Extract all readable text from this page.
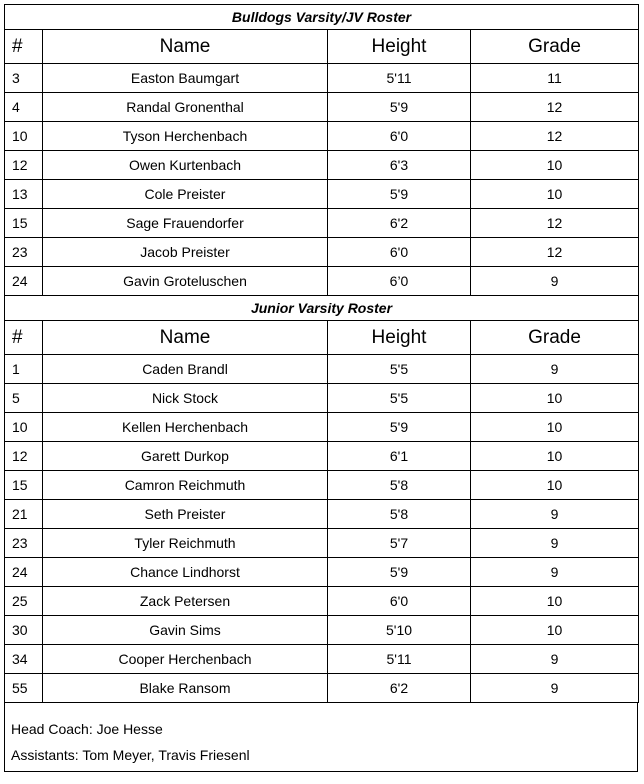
Bulldogs Varsity/JV Roster			
#	Name	Height	Grade
3	Easton Baumgart	5'11	11
4	Randal Gronenthal	5'9	12
10	Tyson Herchenbach	6'0	12
12	Owen Kurtenbach	6'3	10
13	Cole Preister	5'9	10
15	Sage Frauendorfer	6'2	12
23	Jacob Preister	6'0	12
24	Gavin Groteluschen	6’0	9
Junior Varsity Roster			
#	Name	Height	Grade
1	Caden Brandl	5'5	9
5	Nick Stock	5'5	10
10	Kellen Herchenbach	5'9	10
12	Garett Durkop	6'1	10
15	Camron Reichmuth	5'8	10
21	Seth Preister	5'8	9
23	Tyler Reichmuth	5'7	9
24	Chance Lindhorst	5'9	9
25	Zack Petersen	6'0	10
30	Gavin Sims	5'10	10
34	Cooper Herchenbach	5'11	9
55	Blake Ransom	6'2	9
Head Coach: Joe Hesse
Assistants: Tom Meyer, Travis Friesenl
